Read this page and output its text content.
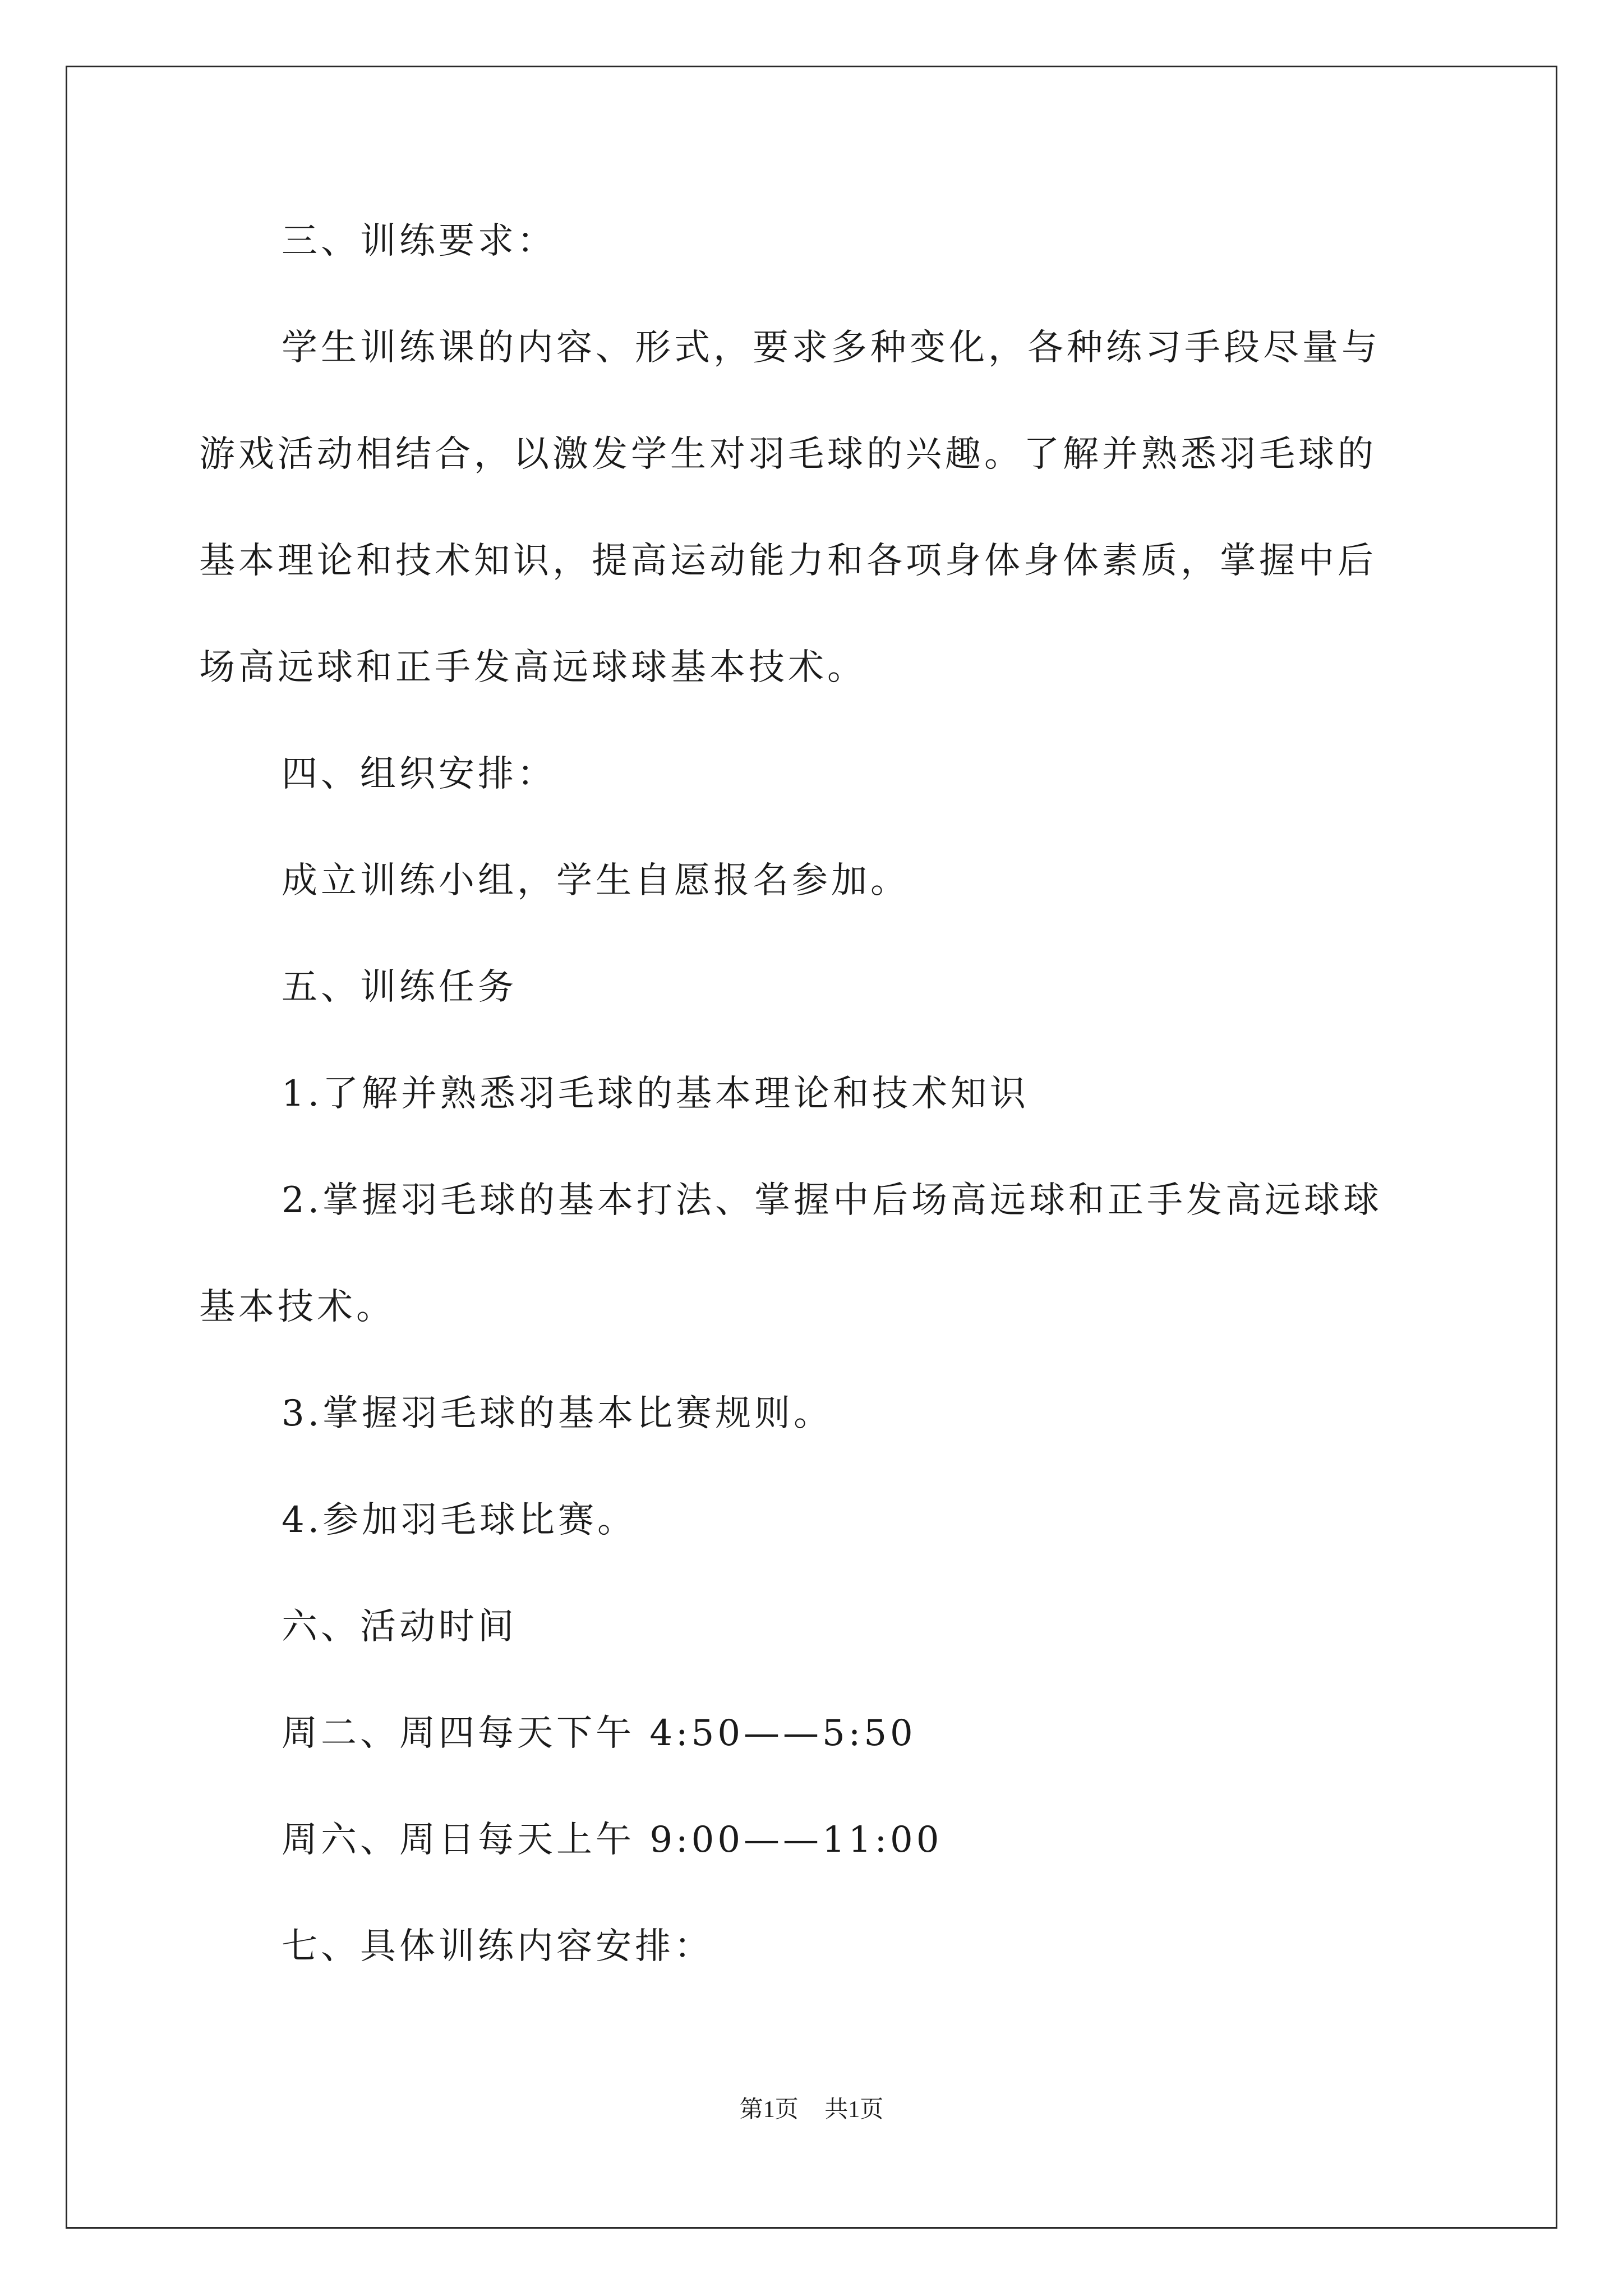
三、训练要求：
学生训练课的内容、形式，要求多种变化，各种练习手段尽量与
游戏活动相结合，以激发学生对羽毛球的兴趣。了解并熟悉羽毛球的
基本理论和技术知识，提高运动能力和各项身体身体素质，掌握中后
场高远球和正手发高远球球基本技术。
四、组织安排：
成立训练小组，学生自愿报名参加。
五、训练任务
1.了解并熟悉羽毛球的基本理论和技术知识
2.掌握羽毛球的基本打法、掌握中后场高远球和正手发高远球球
基本技术。
3.掌握羽毛球的基本比赛规则。
4.参加羽毛球比赛。
六、活动时间
周二、周四每天下午 4:50——5:50
周六、周日每天上午 9:00——11:00
七、具体训练内容安排：
第1页 共1页
